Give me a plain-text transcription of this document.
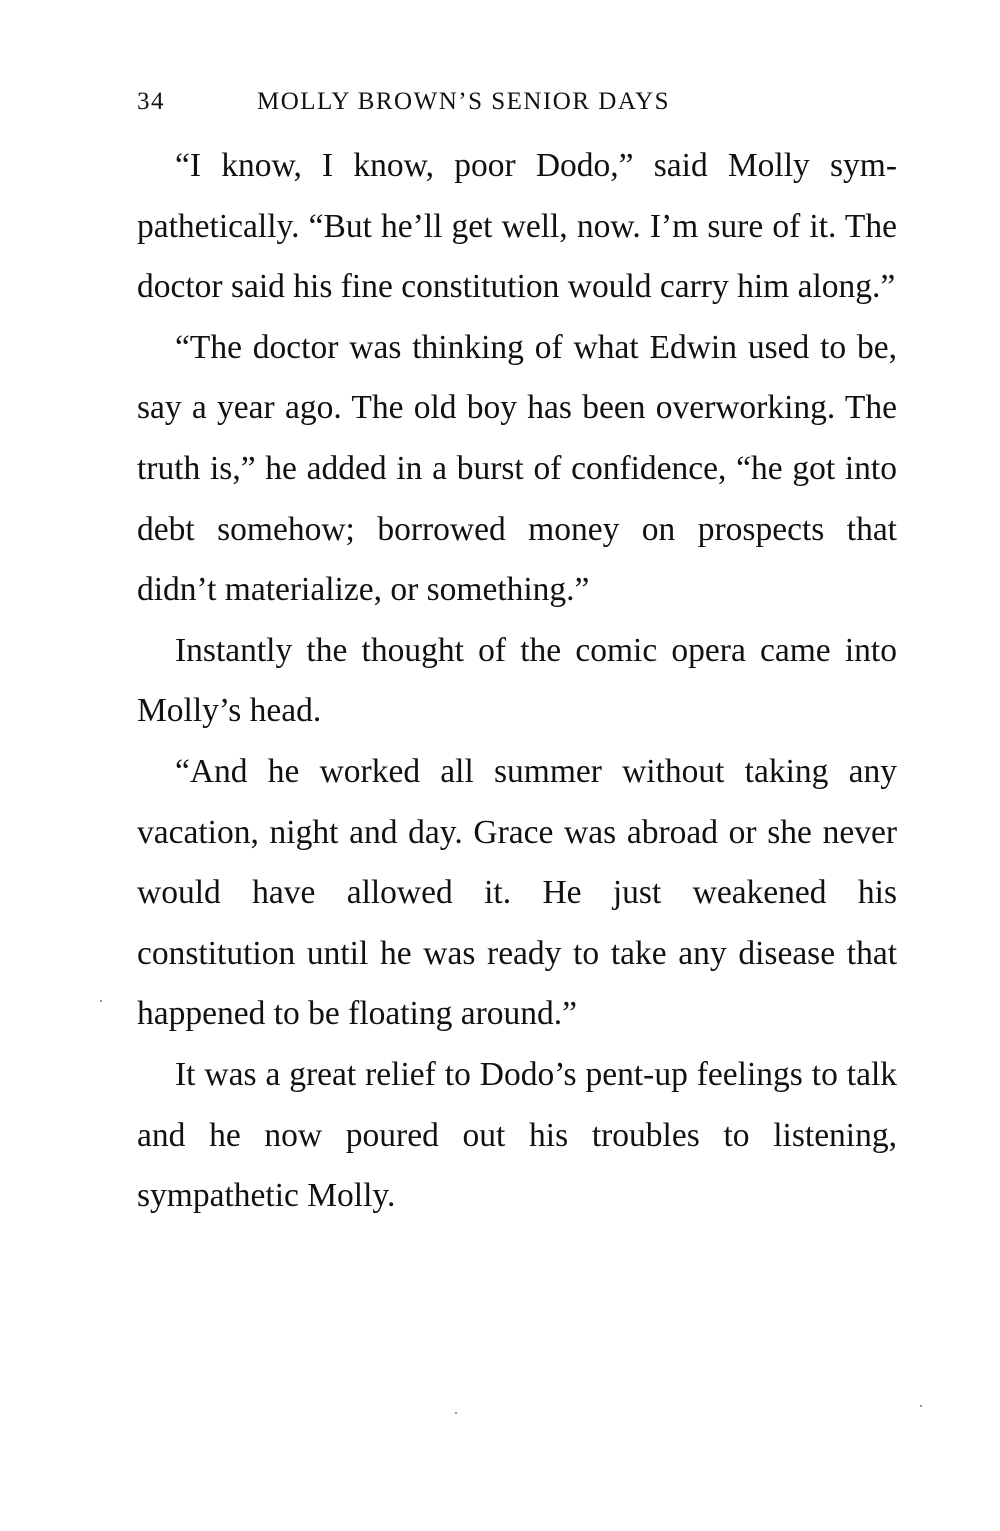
34	MOLLY BROWN’S SENIOR DAYS

“I know, I know, poor Dodo,” said Molly sympathetically. “But he’ll get well, now. I’m sure of it. The doctor said his fine constitution would carry him along.”

“The doctor was thinking of what Edwin used to be, say a year ago. The old boy has been overworking. The truth is,” he added in a burst of confidence, “he got into debt somehow; borrowed money on prospects that didn’t materialize, or something.”

Instantly the thought of the comic opera came into Molly’s head.

“And he worked all summer without taking any vacation, night and day. Grace was abroad or she never would have allowed it. He just weakened his constitution until he was ready to take any disease that happened to be floating around.”

It was a great relief to Dodo’s pent-up feelings to talk and he now poured out his troubles to listening, sympathetic Molly.
